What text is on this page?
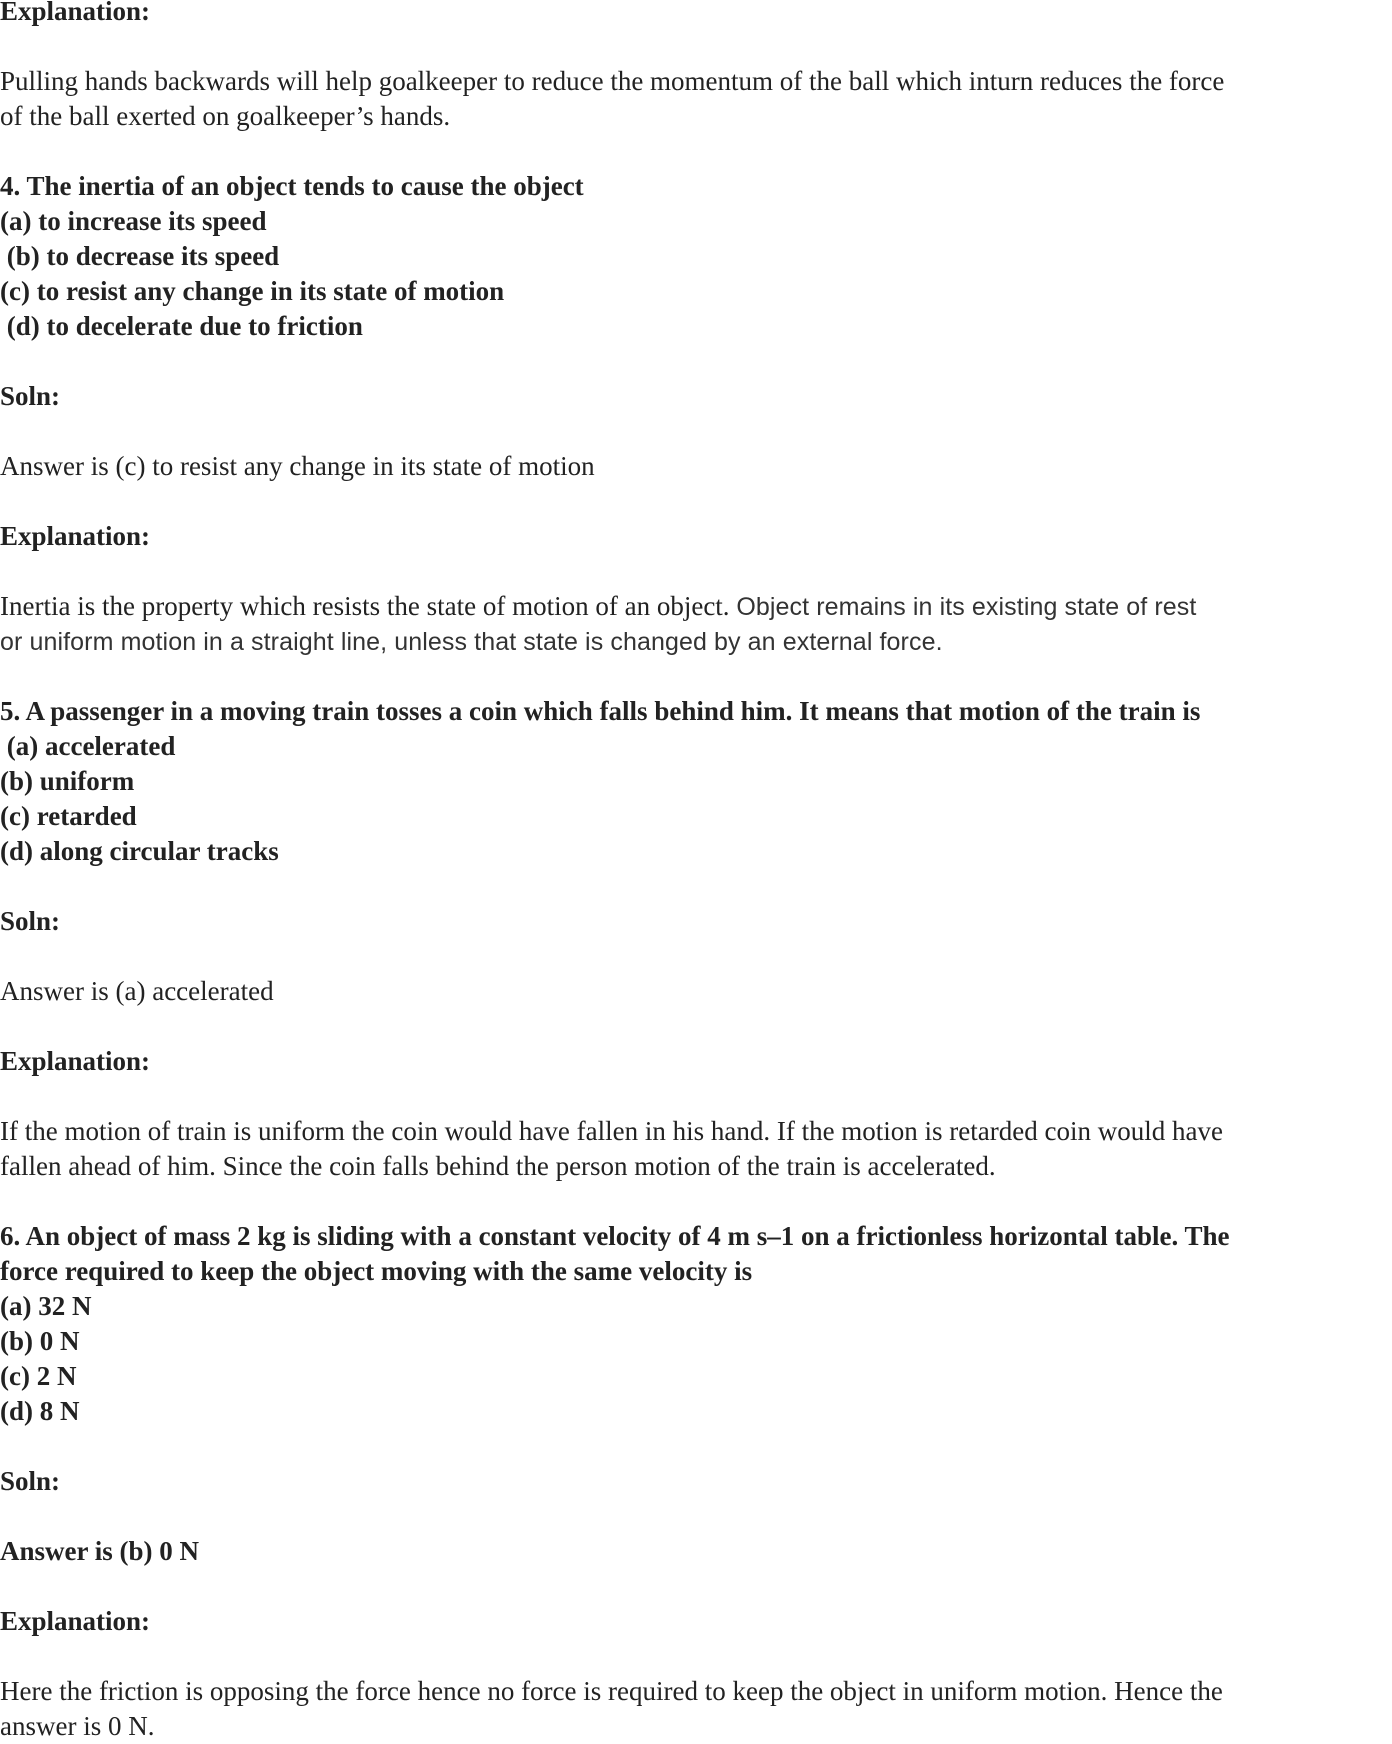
Explanation:

Pulling hands backwards will help goalkeeper to reduce the momentum of the ball which inturn reduces the force

of the ball exerted on goalkeeper’s hands.

4. The inertia of an object tends to cause the object

(a) to increase its speed

(b) to decrease its speed

(c) to resist any change in its state of motion

(d) to decelerate due to friction

Soln:

Answer is (c) to resist any change in its state of motion

Explanation:

Inertia is the property which resists the state of motion of an object. Object remains in its existing state of rest

or uniform motion in a straight line, unless that state is changed by an external force.

5. A passenger in a moving train tosses a coin which falls behind him. It means that motion of the train is

(a) accelerated

(b) uniform

(c) retarded

(d) along circular tracks

Soln:

Answer is (a) accelerated

Explanation:

If the motion of train is uniform the coin would have fallen in his hand. If the motion is retarded coin would have

fallen ahead of him. Since the coin falls behind the person motion of the train is accelerated.

6. An object of mass 2 kg is sliding with a constant velocity of 4 m s–1 on a frictionless horizontal table. The

force required to keep the object moving with the same velocity is

(a) 32 N

(b) 0 N

(c) 2 N

(d) 8 N

Soln:

Answer is (b) 0 N

Explanation:

Here the friction is opposing the force hence no force is required to keep the object in uniform motion. Hence the

answer is 0 N.
